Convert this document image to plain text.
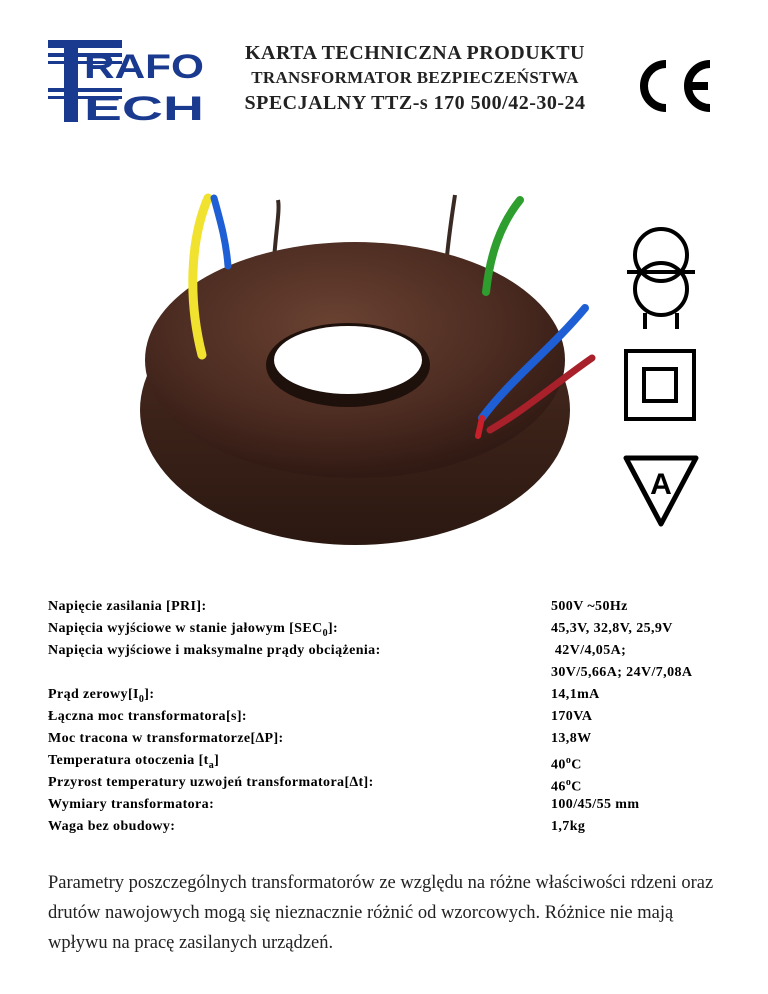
RAFO
ECH
KARTA TECHNICZNA PRODUKTU
TRANSFORMATOR BEZPIECZEŃSTWA
SPECJALNY TTZ-s 170 500/42-30-24
A
Napięcie zasilania [PRI]:	500V ~50Hz
Napięcia wyjściowe w stanie jałowym $[SEC_0]$:	45,3V, 32,8V, 25,9V
Napięcia wyjściowe i maksymalne prądy obciążenia:	42V/4,05A;
30V/5,66A; 24V/7,08A
Prąd $zerowy[I_0]$:	14,1mA
Łączna moc transformatora[s]:	170VA
Moc tracona w transformatorze[∆P]:	13,8W
Temperatura otoczenia $[t_a]$	40$^o$C
Przyrost temperatury uzwojeń transformatora[∆t]:	46$^o$C
Wymiary transformatora:	100/45/55 mm
Waga bez obudowy:	1,7kg
Parametry poszczególnych transformatorów ze względu na różne właściwości rdzeni oraz drutów nawojowych mogą się nieznacznie różnić od wzorcowych. Różnice nie mają wpływu na pracę zasilanych urządzeń.
